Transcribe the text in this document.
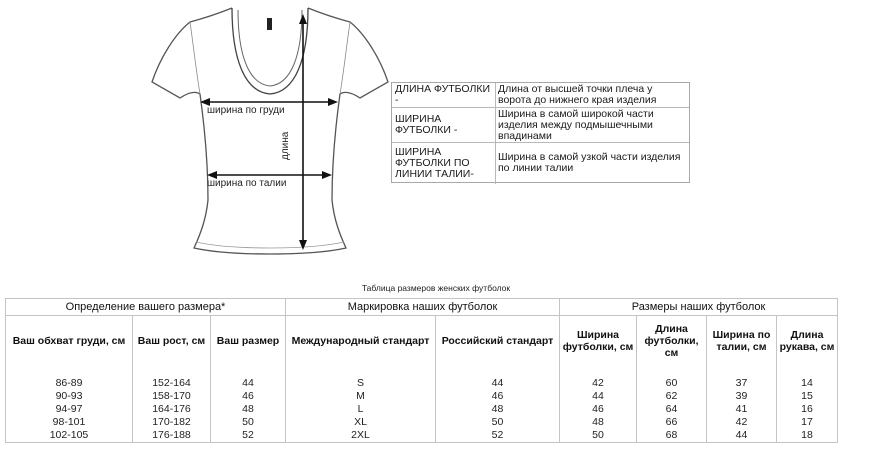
ширина по груди
ширина по талии
длина
ДЛИНА ФУТБОЛКИ -
Длина от высшей точки плеча у ворота до нижнего края изделия
ШИРИНА ФУТБОЛКИ -
Ширина в самой широкой части изделия между подмышечными впадинами
ШИРИНА ФУТБОЛКИ ПО ЛИНИИ ТАЛИИ-
Ширина в самой узкой части изделия по линии талии
Таблица размеров женских футболок
Определение вашего размера*			Маркировка наших футболок		Размеры наших футболок			
Ваш обхват груди, см	Ваш рост, см	Ваш размер	Международный стандарт	Российский стандарт	Ширина футболки, см	Длина футболки, см	Ширина по талии, см	Длина рукава, см

86-89	152-164	44	S	44	42	60	37	14
90-93	158-170	46	M	46	44	62	39	15
94-97	164-176	48	L	48	46	64	41	16
98-101	170-182	50	XL	50	48	66	42	17
102-105	176-188	52	2XL	52	50	68	44	18
